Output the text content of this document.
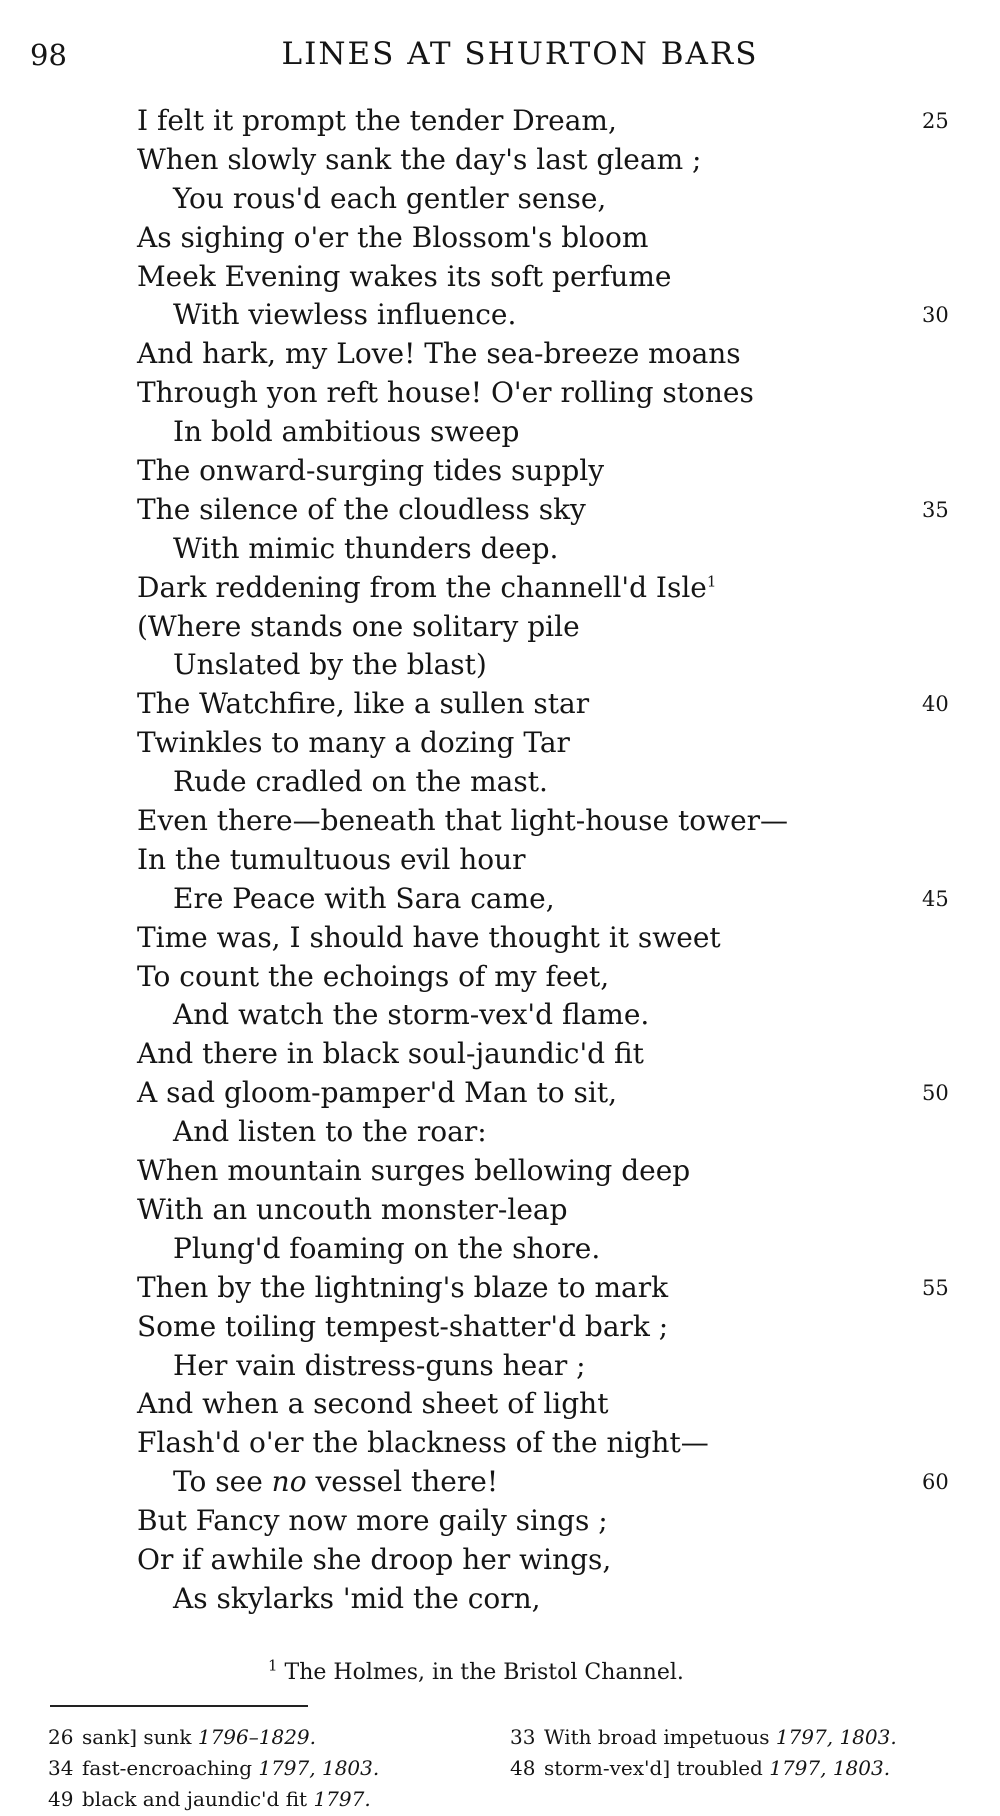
98	LINES AT SHURTON BARS
I felt it prompt the tender Dream,	25
When slowly sank the day's last gleam ;
You rous'd each gentler sense,
As sighing o'er the Blossom's bloom
Meek Evening wakes its soft perfume
With viewless influence.	30
And hark, my Love! The sea-breeze moans
Through yon reft house! O'er rolling stones
In bold ambitious sweep
The onward-surging tides supply
The silence of the cloudless sky	35
With mimic thunders deep.
Dark reddening from the channell'd Isle$^1$
(Where stands one solitary pile
Unslated by the blast)
The Watchfire, like a sullen star	40
Twinkles to many a dozing Tar
Rude cradled on the mast.
Even there—beneath that light-house tower—
In the tumultuous evil hour
Ere Peace with Sara came,	45
Time was, I should have thought it sweet
To count the echoings of my feet,
And watch the storm-vex'd flame.
And there in black soul-jaundic'd fit
A sad gloom-pamper'd Man to sit,	50
And listen to the roar:
When mountain surges bellowing deep
With an uncouth monster-leap
Plung'd foaming on the shore.
Then by the lightning's blaze to mark	55
Some toiling tempest-shatter'd bark ;
Her vain distress-guns hear ;
And when a second sheet of light
Flash'd o'er the blackness of the night—
To see no vessel there!	60
But Fancy now more gaily sings ;
Or if awhile she droop her wings,
As skylarks 'mid the corn,
$^1$ The Holmes, in the Bristol Channel.
26 sank] sunk 1796–1829.
34 fast-encroaching 1797, 1803.
49 black and jaundic'd fit 1797.
33 With broad impetuous 1797, 1803.
48 storm-vex'd] troubled 1797, 1803.
